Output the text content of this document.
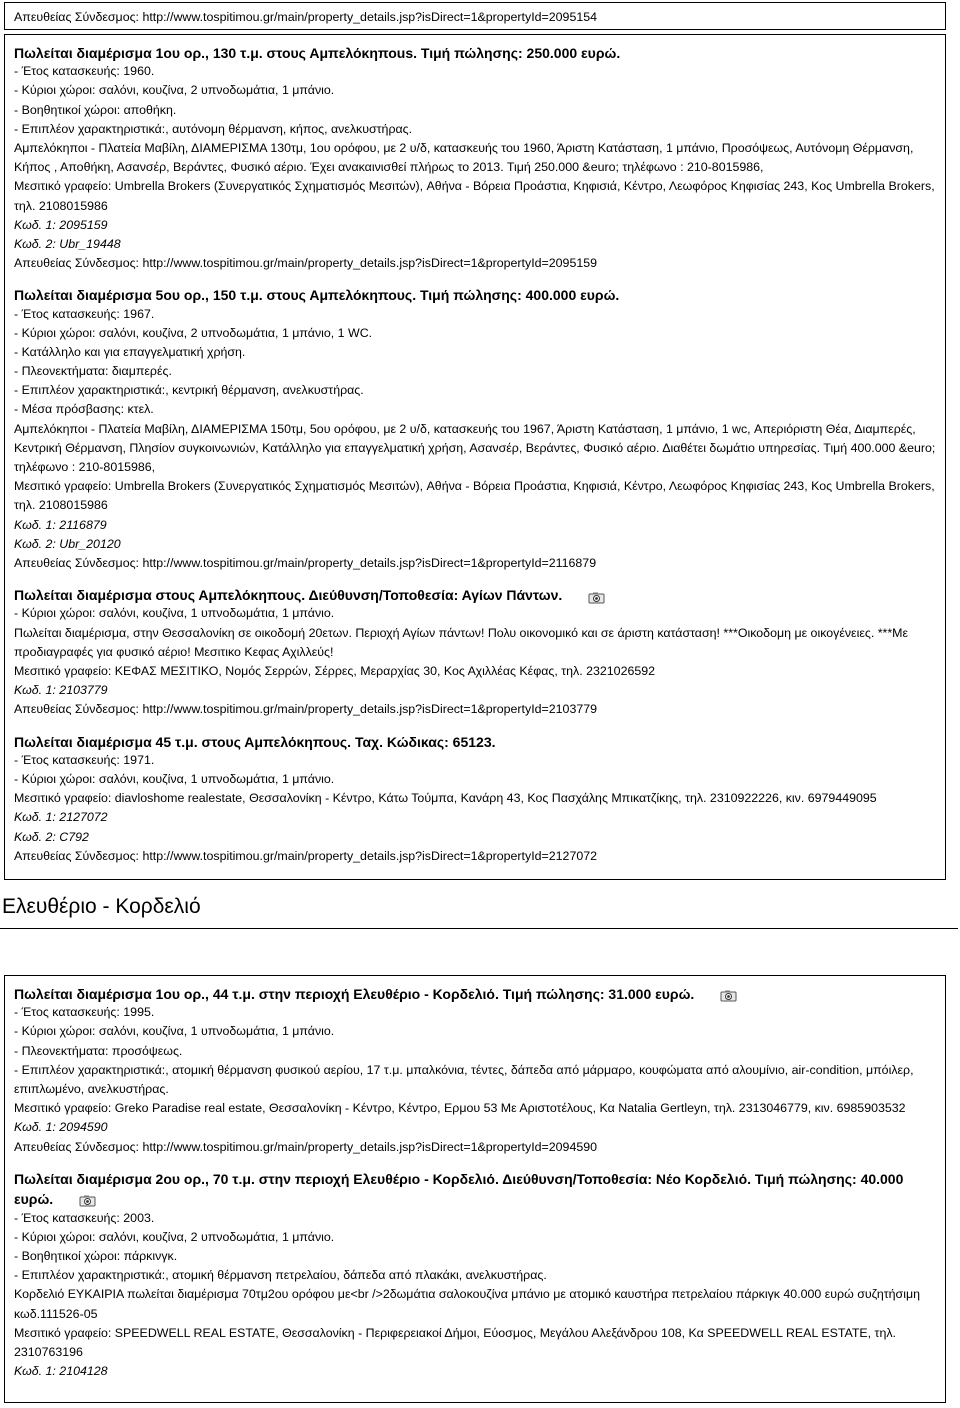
Απευθείας Σύνδεσμος: http://www.tospitimou.gr/main/property_details.jsp?isDirect=1&propertyId=2095154
Πωλείται διαμέρισμα 1ου ορ., 130 τ.μ. στους Αμπελόκηποus. Τιμή πώλησης: 250.000 ευρώ.
- Έτος κατασκευής: 1960.
- Κύριοι χώροι: σαλόνι, κουζίνα, 2 υπνοδωμάτια, 1 μπάνιο.
- Βοηθητικοί χώροι: αποθήκη.
- Επιπλέον χαρακτηριστικά:, αυτόνομη θέρμανση, κήπος, ανελκυστήρας.
Αμπελόκηποι - Πλατεία Μαβίλη, ΔΙΑΜΕΡΙΣΜΑ 130τμ, 1ου ορόφου, με 2 υ/δ, κατασκευής του 1960, Άριστη Κατάσταση, 1 μπάνιο, Προσόψεως, Αυτόνομη Θέρμανση, Κήπος , Αποθήκη, Ασανσέρ, Βεράντες, Φυσικό αέριο. Έχει ανακαινισθεί πλήρως το 2013. Τιμή 250.000 &euro; τηλέφωνο : 210-8015986,
Μεσιτικό γραφείο: Umbrella Brokers (Συνεργατικός Σχηματισμός Μεσιτών), Αθήνα - Βόρεια Προάστια, Κηφισιά, Κέντρο, Λεωφόρος Κηφισίας 243, Κος Umbrella Brokers, τηλ. 2108015986
Κωδ. 1: 2095159
Κωδ. 2: Ubr_19448
Απευθείας Σύνδεσμος: http://www.tospitimou.gr/main/property_details.jsp?isDirect=1&propertyId=2095159
Πωλείται διαμέρισμα 5ου ορ., 150 τ.μ. στους Αμπελόκηπους. Τιμή πώλησης: 400.000 ευρώ.
- Έτος κατασκευής: 1967.
- Κύριοι χώροι: σαλόνι, κουζίνα, 2 υπνοδωμάτια, 1 μπάνιο, 1 WC.
- Κατάλληλο και για επαγγελματική χρήση.
- Πλεονεκτήματα: διαμπερές.
- Επιπλέον χαρακτηριστικά:, κεντρική θέρμανση, ανελκυστήρας.
- Μέσα πρόσβασης: κτελ.
Αμπελόκηποι - Πλατεία Μαβίλη, ΔΙΑΜΕΡΙΣΜΑ 150τμ, 5ου ορόφου, με 2 υ/δ, κατασκευής του 1967, Άριστη Κατάσταση, 1 μπάνιο, 1 wc, Απεριόριστη Θέα, Διαμπερές, Κεντρική Θέρμανση, Πλησίον συγκοινωνιών, Κατάλληλο για επαγγελματική χρήση, Ασανσέρ, Βεράντες, Φυσικό αέριο. Διαθέτει δωμάτιο υπηρεσίας. Τιμή 400.000 &euro; τηλέφωνο : 210-8015986,
Μεσιτικό γραφείο: Umbrella Brokers (Συνεργατικός Σχηματισμός Μεσιτών), Αθήνα - Βόρεια Προάστια, Κηφισιά, Κέντρο, Λεωφόρος Κηφισίας 243, Κος Umbrella Brokers, τηλ. 2108015986
Κωδ. 1: 2116879
Κωδ. 2: Ubr_20120
Απευθείας Σύνδεσμος: http://www.tospitimou.gr/main/property_details.jsp?isDirect=1&propertyId=2116879
Πωλείται διαμέρισμα στους Αμπελόκηπους. Διεύθυνση/Τοποθεσία: Αγίων Πάντων.
- Κύριοι χώροι: σαλόνι, κουζίνα, 1 υπνοδωμάτια, 1 μπάνιο.
Πωλείται διαμέρισμα, στην Θεσσαλονίκη σε οικοδομή 20ετων. Περιοχή Αγίων πάντων! Πολυ οικονομικό και σε άριστη κατάσταση! ***Οικοδομη με οικογένειες. ***Με προδιαγραφές για φυσικό αέριο! Μεσιτικο Κεφας Αχιλλεύς!
Μεσιτικό γραφείο: ΚΕΦΑΣ ΜΕΣΙΤΙΚΟ, Νομός Σερρών, Σέρρες, Μεραρχίας 30, Κος Αχιλλέας Κέφας, τηλ. 2321026592
Κωδ. 1: 2103779
Απευθείας Σύνδεσμος: http://www.tospitimou.gr/main/property_details.jsp?isDirect=1&propertyId=2103779
Πωλείται διαμέρισμα 45 τ.μ. στους Αμπελόκηπους. Ταχ. Κώδικας: 65123.
- Έτος κατασκευής: 1971.
- Κύριοι χώροι: σαλόνι, κουζίνα, 1 υπνοδωμάτια, 1 μπάνιο.
Μεσιτικό γραφείο: diavloshome realestate, Θεσσαλονίκη - Κέντρο, Κάτω Τούμπα, Κανάρη 43, Κος Πασχάλης Μπικατζίκης, τηλ. 2310922226, κιν. 6979449095
Κωδ. 1: 2127072
Κωδ. 2: C792
Απευθείας Σύνδεσμος: http://www.tospitimou.gr/main/property_details.jsp?isDirect=1&propertyId=2127072
Ελευθέριο - Κορδελιό
Πωλείται διαμέρισμα 1ου ορ., 44 τ.μ. στην περιοχή Ελευθέριο - Κορδελιό. Τιμή πώλησης: 31.000 ευρώ.
- Έτος κατασκευής: 1995.
- Κύριοι χώροι: σαλόνι, κουζίνα, 1 υπνοδωμάτια, 1 μπάνιο.
- Πλεονεκτήματα: προσόψεως.
- Επιπλέον χαρακτηριστικά:, ατομική θέρμανση φυσικού αερίου, 17 τ.μ. μπαλκόνια, τέντες, δάπεδα από μάρμαρο, κουφώματα από αλουμίνιο, air-condition, μπόιλερ, επιπλωμένο, ανελκυστήρας.
Μεσιτικό γραφείο: Greko Paradise real estate, Θεσσαλονίκη - Κέντρο, Κέντρο, Ερμου 53 Με Αριστοτέλους, Κα Natalia Gertleyn, τηλ. 2313046779, κιν. 6985903532
Κωδ. 1: 2094590
Απευθείας Σύνδεσμος: http://www.tospitimou.gr/main/property_details.jsp?isDirect=1&propertyId=2094590
Πωλείται διαμέρισμα 2ου ορ., 70 τ.μ. στην περιοχή Ελευθέριο - Κορδελιό. Διεύθυνση/Τοποθεσία: Νέο Κορδελιό. Τιμή πώλησης: 40.000 ευρώ.
- Έτος κατασκευής: 2003.
- Κύριοι χώροι: σαλόνι, κουζίνα, 2 υπνοδωμάτια, 1 μπάνιο.
- Βοηθητικοί χώροι: πάρκινγκ.
- Επιπλέον χαρακτηριστικά:, ατομική θέρμανση πετρελαίου, δάπεδα από πλακάκι, ανελκυστήρας.
Κορδελιό ΕΥΚΑΙΡΙΑ πωλείται διαμέρισμα 70τμ2ου ορόφου με<br />2δωμάτια σαλοκουζίνα μπάνιο με ατομικό καυστήρα πετρελαίου πάρκιγκ 40.000 ευρώ συζητήσιμη κωδ.111526-05
Μεσιτικό γραφείο: SPEEDWELL REAL ESTATE, Θεσσαλονίκη - Περιφερειακοί Δήμοι, Εύοσμος, Μεγάλου Αλεξάνδρου 108, Κα SPEEDWELL REAL ESTATE, τηλ. 2310763196
Κωδ. 1: 2104128
